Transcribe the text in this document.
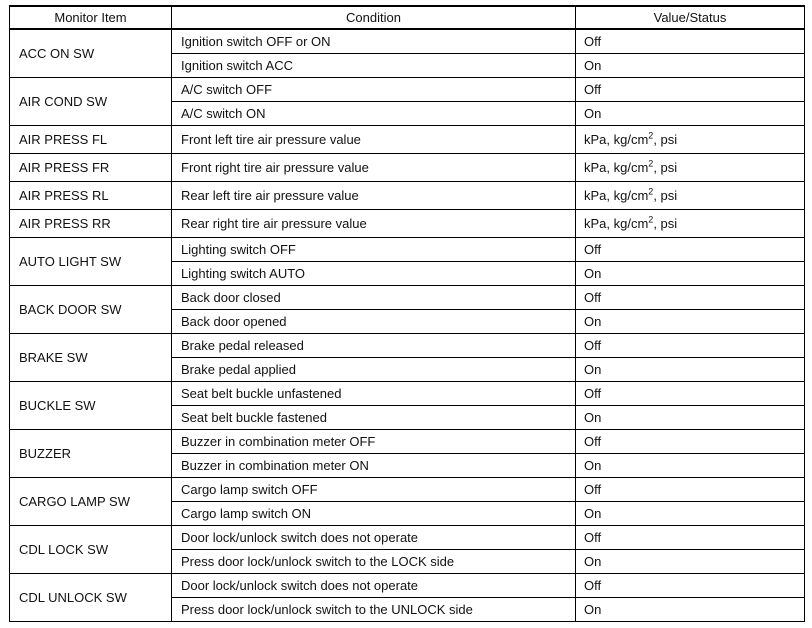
Monitor Item	Condition	Value/Status
ACC ON SW	Ignition switch OFF or ON	Off
	Ignition switch ACC	On
AIR COND SW	A/C switch OFF	Off
	A/C switch ON	On
AIR PRESS FL	Front left tire air pressure value	kPa, $kg/cm^2$, psi
AIR PRESS FR	Front right tire air pressure value	kPa, $kg/cm^2$, psi
AIR PRESS RL	Rear left tire air pressure value	kPa, $kg/cm^2$, psi
AIR PRESS RR	Rear right tire air pressure value	kPa, $kg/cm^2$, psi
AUTO LIGHT SW	Lighting switch OFF	Off
	Lighting switch AUTO	On
BACK DOOR SW	Back door closed	Off
	Back door opened	On
BRAKE SW	Brake pedal released	Off
	Brake pedal applied	On
BUCKLE SW	Seat belt buckle unfastened	Off
	Seat belt buckle fastened	On
BUZZER	Buzzer in combination meter OFF	Off
	Buzzer in combination meter ON	On
CARGO LAMP SW	Cargo lamp switch OFF	Off
	Cargo lamp switch ON	On
CDL LOCK SW	Door lock/unlock switch does not operate	Off
	Press door lock/unlock switch to the LOCK side	On
CDL UNLOCK SW	Door lock/unlock switch does not operate	Off
	Press door lock/unlock switch to the UNLOCK side	On
